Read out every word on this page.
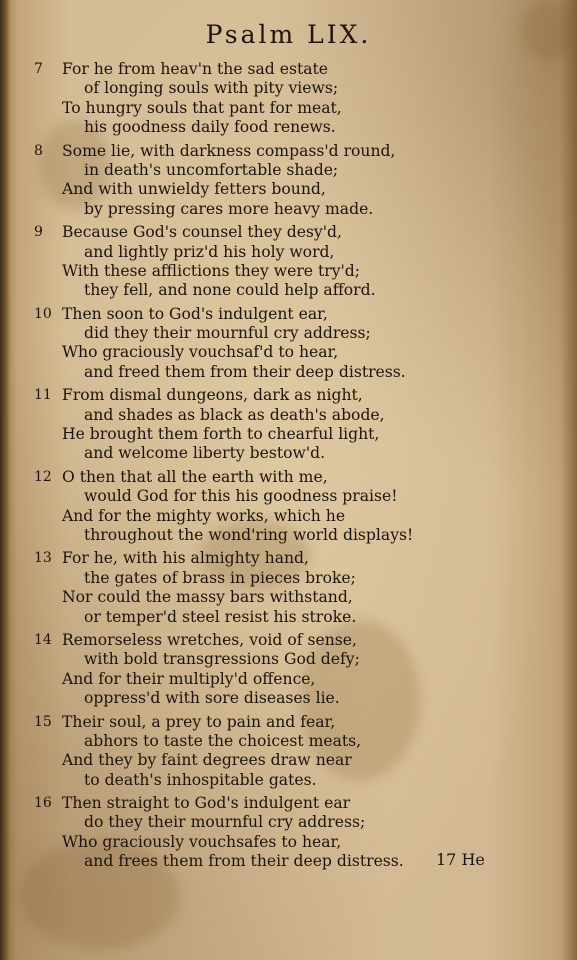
Psalm LIX.
7	For he from heav'n the sad estate
of longing souls with pity views;
To hungry souls that pant for meat,
his goodness daily food renews.
8	Some lie, with darkness compass'd round,
in death's uncomfortable shade;
And with unwieldy fetters bound,
by pressing cares more heavy made.
9	Because God's counsel they desy'd,
and lightly priz'd his holy word,
With these afflictions they were try'd;
they fell, and none could help afford.
10 Then soon to God's indulgent ear,
did they their mournful cry address;
Who graciously vouchsaf'd to hear,
and freed them from their deep distress.
11 From dismal dungeons, dark as night,
and shades as black as death's abode,
He brought them forth to chearful light,
and welcome liberty bestow'd.
12 O then that all the earth with me,
would God for this his goodness praise!
And for the mighty works, which he
throughout the wond'ring world displays!
13 For he, with his almighty hand,
the gates of brass in pieces broke;
Nor could the massy bars withstand,
or temper'd steel resist his stroke.
14 Remorseless wretches, void of sense,
with bold transgressions God defy;
And for their multiply'd offence,
oppress'd with sore diseases lie.
15 Their soul, a prey to pain and fear,
abhors to taste the choicest meats,
And they by faint degrees draw near
to death's inhospitable gates.
16 Then straight to God's indulgent ear
do they their mournful cry address;
Who graciously vouchsafes to hear,
and frees them from their deep distress. 17 He
